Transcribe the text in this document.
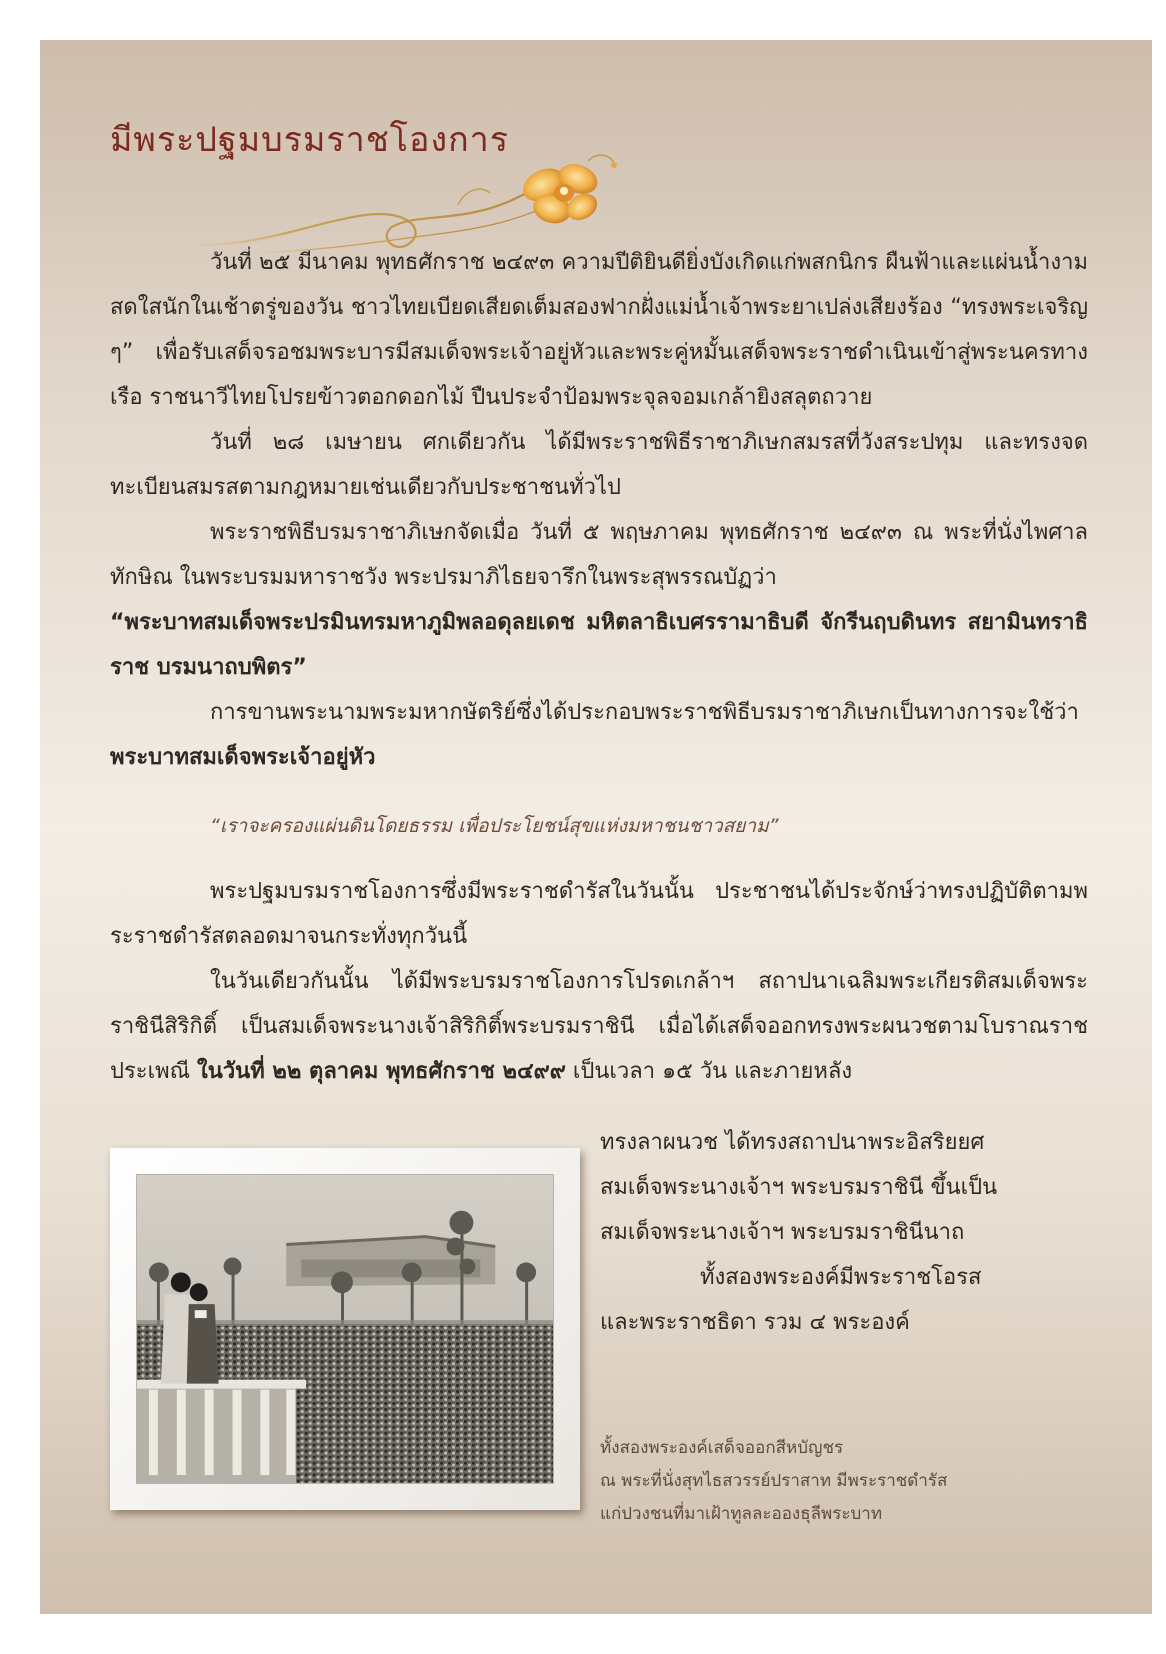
มีพระปฐมบรมราชโองการ

วันที่ ๒๕ มีนาคม พุทธศักราช ๒๔๙๓ ความปีติยินดียิ่งบังเกิดแก่พสกนิกร ผืนฟ้าและแผ่นน้ำงามสดใสนักในเช้าตรู่ของวัน ชาวไทยเบียดเสียดเต็มสองฟากฝั่งแม่น้ำเจ้าพระยาเปล่งเสียงร้อง “ทรงพระเจริญ ๆ” เพื่อรับเสด็จรอชมพระบารมีสมเด็จพระเจ้าอยู่หัวและพระคู่หมั้นเสด็จพระราชดำเนินเข้าสู่พระนครทางเรือ ราชนาวีไทยโปรยข้าวตอกดอกไม้ ปืนประจำป้อมพระจุลจอมเกล้ายิงสลุตถวาย

วันที่ ๒๘ เมษายน ศกเดียวกัน ได้มีพระราชพิธีราชาภิเษกสมรสที่วังสระปทุม และทรงจดทะเบียนสมรสตามกฎหมายเช่นเดียวกับประชาชนทั่วไป

พระราชพิธีบรมราชาภิเษกจัดเมื่อ วันที่ ๕ พฤษภาคม พุทธศักราช ๒๔๙๓ ณ พระที่นั่งไพศาลทักษิณ ในพระบรมมหาราชวัง พระปรมาภิไธยจารึกในพระสุพรรณบัฏว่า

“พระบาทสมเด็จพระปรมินทรมหาภูมิพลอดุลยเดช มหิตลาธิเบศรรามาธิบดี จักรีนฤบดินทร สยามินทราธิราช บรมนาถบพิตร”

การขานพระนามพระมหากษัตริย์ซึ่งได้ประกอบพระราชพิธีบรมราชาภิเษกเป็นทางการจะใช้ว่า พระบาทสมเด็จพระเจ้าอยู่หัว

“เราจะครองแผ่นดินโดยธรรม เพื่อประโยชน์สุขแห่งมหาชนชาวสยาม”

พระปฐมบรมราชโองการซึ่งมีพระราชดำรัสในวันนั้น ประชาชนได้ประจักษ์ว่าทรงปฏิบัติตามพระราชดำรัสตลอดมาจนกระทั่งทุกวันนี้

ในวันเดียวกันนั้น ได้มีพระบรมราชโองการโปรดเกล้าฯ สถาปนาเฉลิมพระเกียรติสมเด็จพระราชินีสิริกิติ์ เป็นสมเด็จพระนางเจ้าสิริกิติ์พระบรมราชินี เมื่อได้เสด็จออกทรงพระผนวชตามโบราณราชประเพณี ในวันที่ ๒๒ ตุลาคม พุทธศักราช ๒๔๙๙ เป็นเวลา ๑๕ วัน และภายหลัง

ทรงลาผนวช ได้ทรงสถาปนาพระอิสริยยศ

สมเด็จพระนางเจ้าฯ พระบรมราชินี ขึ้นเป็น

สมเด็จพระนางเจ้าฯ พระบรมราชินีนาถ

ทั้งสองพระองค์มีพระราชโอรส

และพระราชธิดา รวม ๔ พระองค์

ทั้งสองพระองค์เสด็จออกสีหบัญชร

ณ พระที่นั่งสุทไธสวรรย์ปราสาท มีพระราชดำรัส

แก่ปวงชนที่มาเฝ้าทูลละอองธุลีพระบาท
